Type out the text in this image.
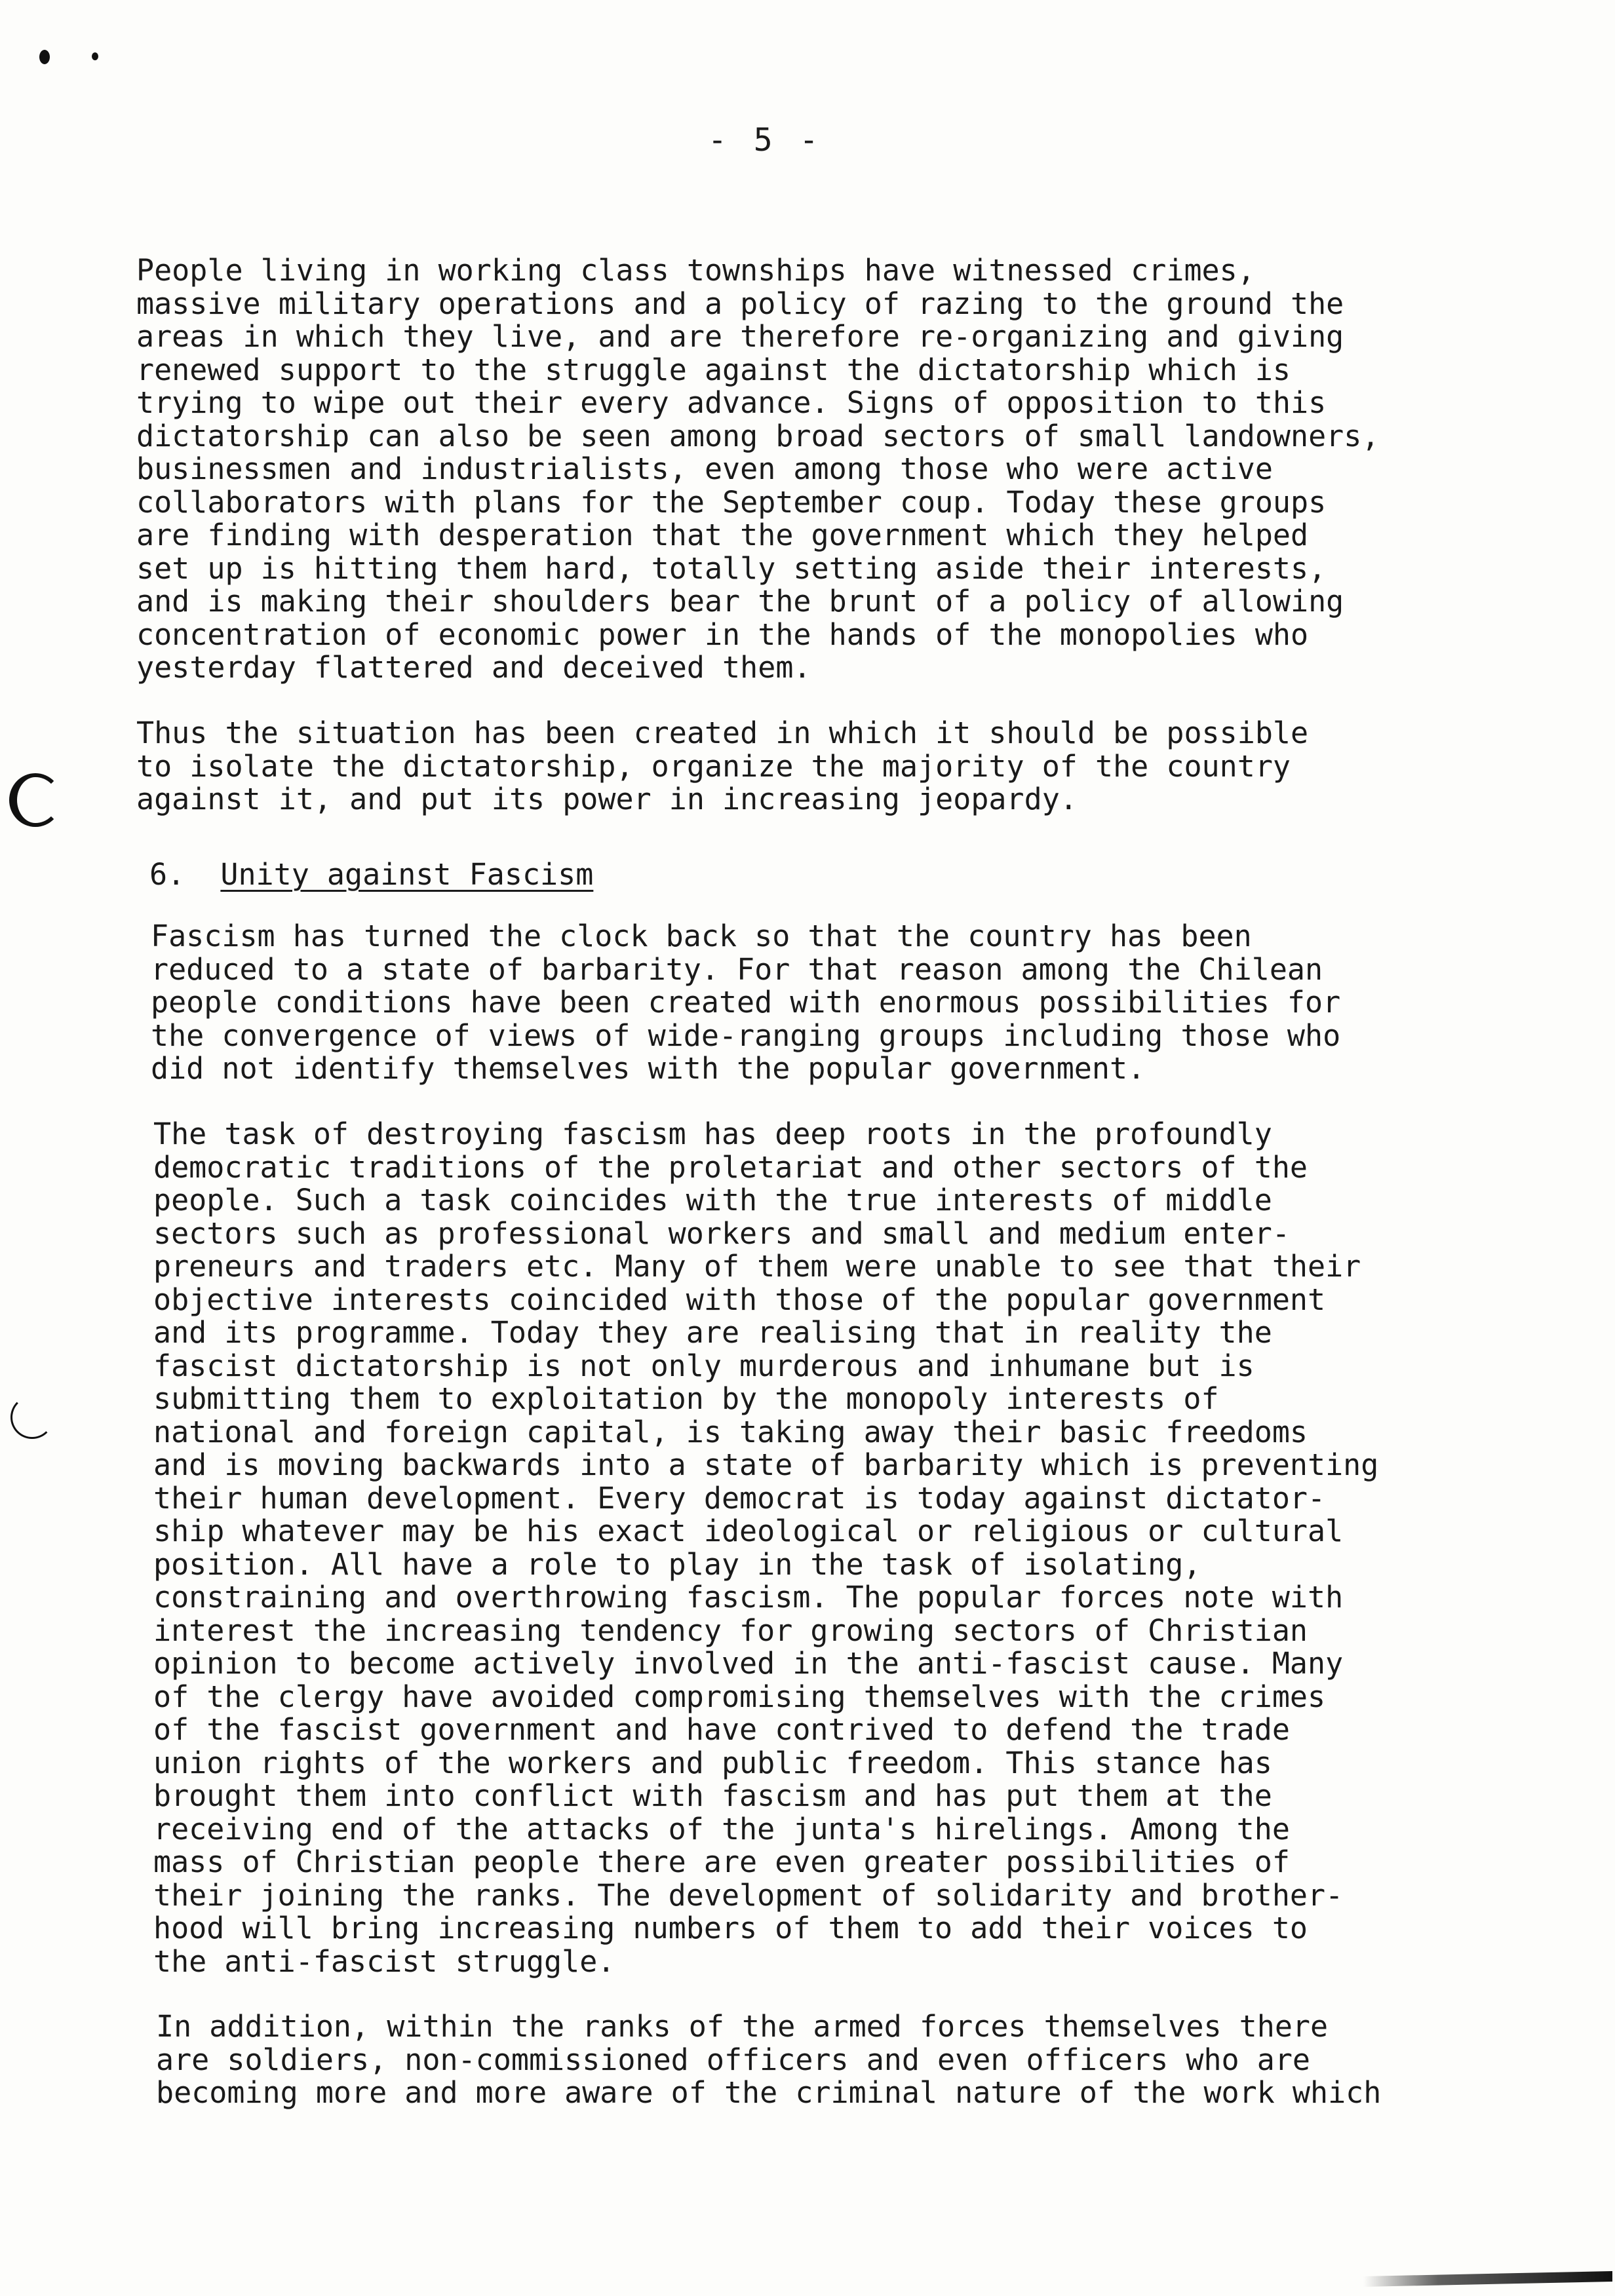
- 5 -

People living in working class townships have witnessed crimes,
massive military operations and a policy of razing to the ground the
areas in which they live, and are therefore re-organizing and giving
renewed support to the struggle against the dictatorship which is
trying to wipe out their every advance. Signs of opposition to this
dictatorship can also be seen among broad sectors of small landowners,
businessmen and industrialists, even among those who were active
collaborators with plans for the September coup. Today these groups
are finding with desperation that the government which they helped
set up is hitting them hard, totally setting aside their interests,
and is making their shoulders bear the brunt of a policy of allowing
concentration of economic power in the hands of the monopolies who
yesterday flattered and deceived them.

Thus the situation has been created in which it should be possible
to isolate the dictatorship, organize the majority of the country
against it, and put its power in increasing jeopardy.

6. Unity against Fascism

Fascism has turned the clock back so that the country has been
reduced to a state of barbarity. For that reason among the Chilean
people conditions have been created with enormous possibilities for
the convergence of views of wide-ranging groups including those who
did not identify themselves with the popular government.

The task of destroying fascism has deep roots in the profoundly
democratic traditions of the proletariat and other sectors of the
people. Such a task coincides with the true interests of middle
sectors such as professional workers and small and medium enter-
preneurs and traders etc. Many of them were unable to see that their
objective interests coincided with those of the popular government
and its programme. Today they are realising that in reality the
fascist dictatorship is not only murderous and inhumane but is
submitting them to exploitation by the monopoly interests of
national and foreign capital, is taking away their basic freedoms
and is moving backwards into a state of barbarity which is preventing
their human development. Every democrat is today against dictator-
ship whatever may be his exact ideological or religious or cultural
position. All have a role to play in the task of isolating,
constraining and overthrowing fascism. The popular forces note with
interest the increasing tendency for growing sectors of Christian
opinion to become actively involved in the anti-fascist cause. Many
of the clergy have avoided compromising themselves with the crimes
of the fascist government and have contrived to defend the trade
union rights of the workers and public freedom. This stance has
brought them into conflict with fascism and has put them at the
receiving end of the attacks of the junta's hirelings. Among the
mass of Christian people there are even greater possibilities of
their joining the ranks. The development of solidarity and brother-
hood will bring increasing numbers of them to add their voices to
the anti-fascist struggle.

In addition, within the ranks of the armed forces themselves there
are soldiers, non-commissioned officers and even officers who are
becoming more and more aware of the criminal nature of the work which
